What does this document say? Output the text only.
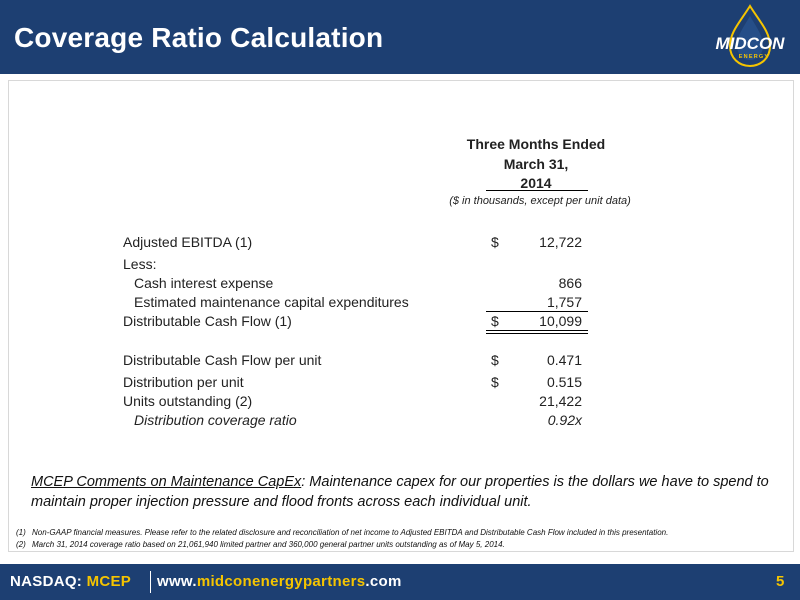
Coverage Ratio Calculation	MIDCON
ENERGY
Three Months Ended
March 31,
2014
($ in thousands, except per unit data)
Adjusted EBITDA (1)	$	12,722
Less:
Cash interest expense	866
Estimated maintenance capital expenditures	1,757
Distributable Cash Flow (1)	$	10,099
Distributable Cash Flow per unit	$	0.471
Distribution per unit	$	0.515
Units outstanding (2)	21,422
Distribution coverage ratio	0.92x
MCEP Comments on Maintenance CapEx: Maintenance capex for our properties is the dollars we have to spend to maintain proper injection pressure and flood fronts across each individual unit.
(1) Non-GAAP financial measures. Please refer to the related disclosure and reconciliation of net income to Adjusted EBITDA and Distributable Cash Flow included in this presentation.
(2) March 31, 2014 coverage ratio based on 21,061,940 limited partner and 360,000 general partner units outstanding as of May 5, 2014.
NASDAQ: MCEP www.midconenergypartners.com	5
